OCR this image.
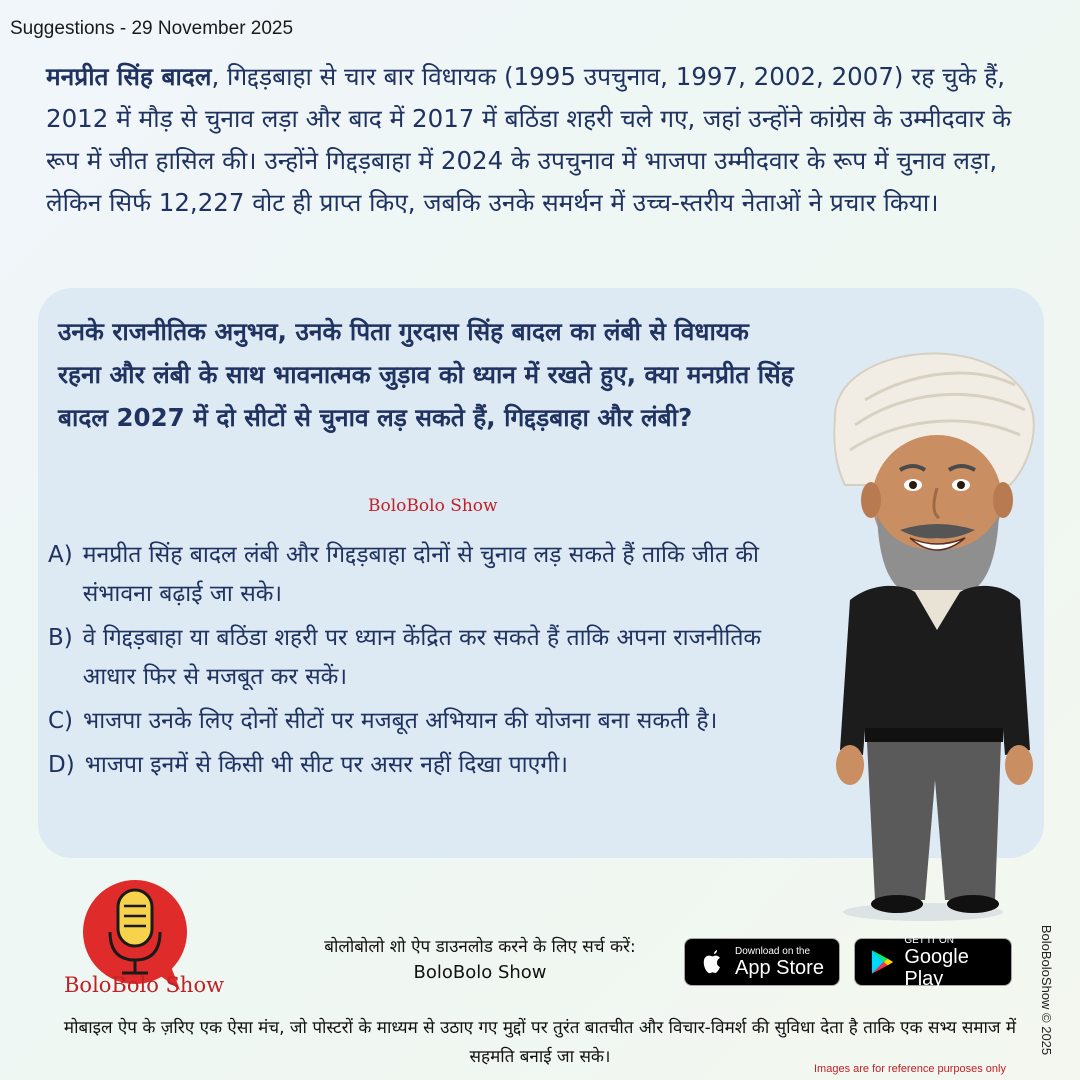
Suggestions - 29 November 2025
मनप्रीत सिंह बादल, गिद्दड़बाहा से चार बार विधायक (1995 उपचुनाव, 1997, 2002, 2007) रह चुके हैं, 2012 में मौड़ से चुनाव लड़ा और बाद में 2017 में बठिंडा शहरी चले गए, जहां उन्होंने कांग्रेस के उम्मीदवार के रूप में जीत हासिल की। उन्होंने गिद्दड़बाहा में 2024 के उपचुनाव में भाजपा उम्मीदवार के रूप में चुनाव लड़ा, लेकिन सिर्फ 12,227 वोट ही प्राप्त किए, जबकि उनके समर्थन में उच्च-स्तरीय नेताओं ने प्रचार किया।
उनके राजनीतिक अनुभव, उनके पिता गुरदास सिंह बादल का लंबी से विधायक रहना और लंबी के साथ भावनात्मक जुड़ाव को ध्यान में रखते हुए, क्या मनप्रीत सिंह बादल 2027 में दो सीटों से चुनाव लड़ सकते हैं, गिद्दड़बाहा और लंबी?
BoloBolo Show
A) मनप्रीत सिंह बादल लंबी और गिद्दड़बाहा दोनों से चुनाव लड़ सकते हैं ताकि जीत की संभावना बढ़ाई जा सके।
B) वे गिद्दड़बाहा या बठिंडा शहरी पर ध्यान केंद्रित कर सकते हैं ताकि अपना राजनीतिक आधार फिर से मजबूत कर सकें।
C) भाजपा उनके लिए दोनों सीटों पर मजबूत अभियान की योजना बना सकती है।
D) भाजपा इनमें से किसी भी सीट पर असर नहीं दिखा पाएगी।
BoloBolo Show
बोलोबोलो शो ऐप डाउनलोड करने के लिए सर्च करें:
BoloBolo Show
Download on the
App Store
GET IT ON
Google Play
मोबाइल ऐप के ज़रिए एक ऐसा मंच, जो पोस्टरों के माध्यम से उठाए गए मुद्दों पर तुरंत बातचीत और विचार-विमर्श की सुविधा देता है ताकि एक सभ्य समाज में सहमति बनाई जा सके।
Images are for reference purposes only
BoloBoloShow © 2025
